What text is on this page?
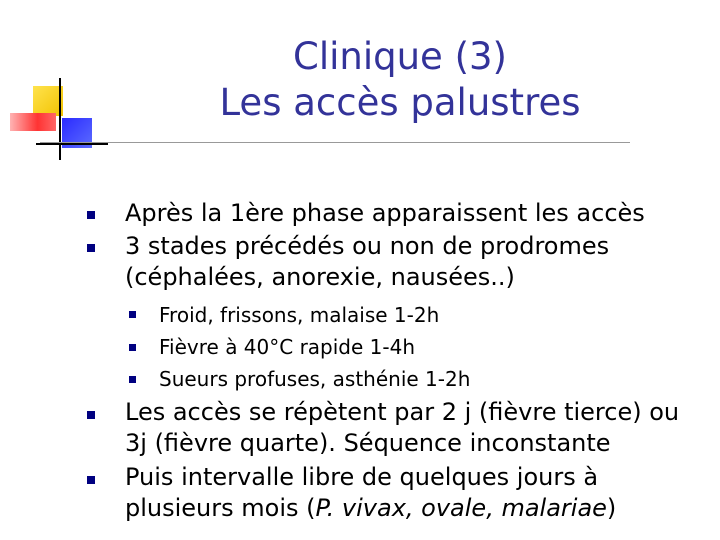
Clinique (3)
Les accès palustres
Après la 1ère phase apparaissent les accès
3 stades précédés ou non de prodromes
(céphalées, anorexie, nausées..)
Froid, frissons, malaise 1-2h
Fièvre à 40°C rapide 1-4h
Sueurs profuses, asthénie 1-2h
Les accès se répètent par 2 j (fièvre tierce) ou
3j (fièvre quarte). Séquence inconstante
Puis intervalle libre de quelques jours à
plusieurs mois (P. vivax, ovale, malariae)
